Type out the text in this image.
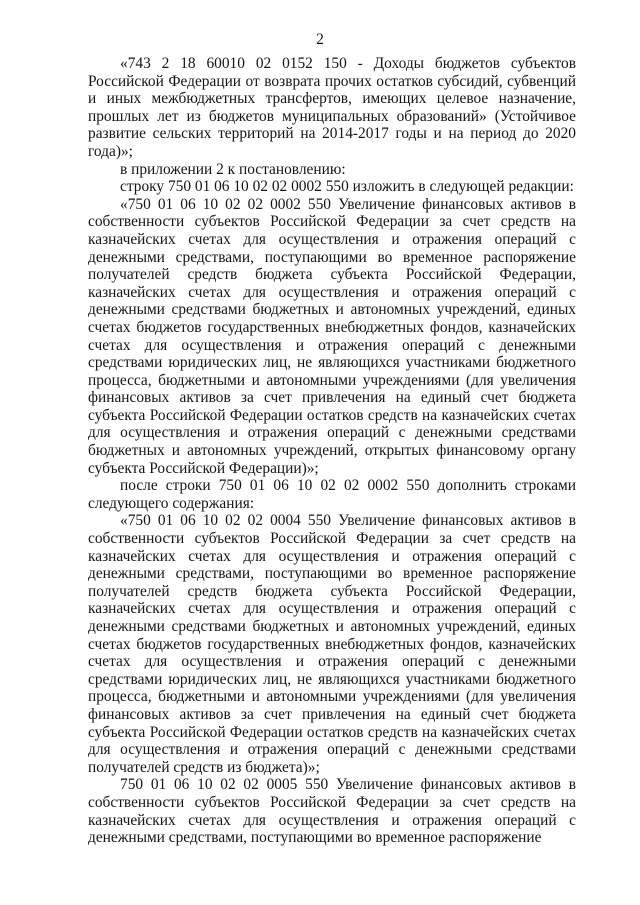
2

«743 2 18 60010 02 0152 150 - Доходы бюджетов субъектов Российской Федерации от возврата прочих остатков субсидий, субвенций и иных межбюджетных трансфертов, имеющих целевое назначение, прошлых лет из бюджетов муниципальных образований» (Устойчивое развитие сельских территорий на 2014-2017 годы и на период до 2020 года)»;

в приложении 2 к постановлению:

строку 750 01 06 10 02 02 0002 550 изложить в следующей редакции:

«750 01 06 10 02 02 0002 550 Увеличение финансовых активов в собственности субъектов Российской Федерации за счет средств на казначейских счетах для осуществления и отражения операций с денежными средствами, поступающими во временное распоряжение получателей средств бюджета субъекта Российской Федерации, казначейских счетах для осуществления и отражения операций с денежными средствами бюджетных и автономных учреждений, единых счетах бюджетов государственных внебюджетных фондов, казначейских счетах для осуществления и отражения операций с денежными средствами юридических лиц, не являющихся участниками бюджетного процесса, бюджетными и автономными учреждениями (для увеличения финансовых активов за счет привлечения на единый счет бюджета субъекта Российской Федерации остатков средств на казначейских счетах для осуществления и отражения операций с денежными средствами бюджетных и автономных учреждений, открытых финансовому органу субъекта Российской Федерации)»;

после строки 750 01 06 10 02 02 0002 550 дополнить строками следующего содержания:

«750 01 06 10 02 02 0004 550 Увеличение финансовых активов в собственности субъектов Российской Федерации за счет средств на казначейских счетах для осуществления и отражения операций с денежными средствами, поступающими во временное распоряжение получателей средств бюджета субъекта Российской Федерации, казначейских счетах для осуществления и отражения операций с денежными средствами бюджетных и автономных учреждений, единых счетах бюджетов государственных внебюджетных фондов, казначейских счетах для осуществления и отражения операций с денежными средствами юридических лиц, не являющихся участниками бюджетного процесса, бюджетными и автономными учреждениями (для увеличения финансовых активов за счет привлечения на единый счет бюджета субъекта Российской Федерации остатков средств на казначейских счетах для осуществления и отражения операций с денежными средствами получателей средств из бюджета)»;

750 01 06 10 02 02 0005 550 Увеличение финансовых активов в собственности субъектов Российской Федерации за счет средств на казначейских счетах для осуществления и отражения операций с денежными средствами, поступающими во временное распоряжение
